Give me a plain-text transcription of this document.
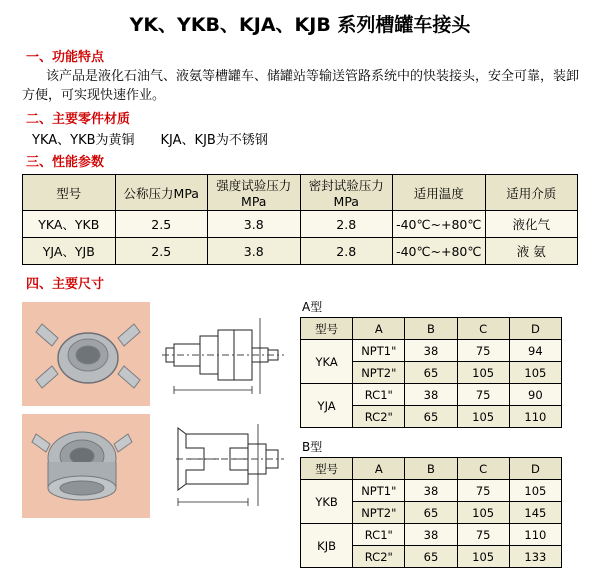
YK、YKB、KJA、KJB 系列槽罐车接头
一、功能特点
该产品是液化石油气、液氨等槽罐车、储罐站等输送管路系统中的快装接头，安全可靠，装卸方便，可实现快速作业。
二、主要零件材质
YKA、YKB为黄铜 KJA、KJB为不锈钢
三、性能参数
型号	公称压力MPa	强度试验压力MPa	密封试验压力MPa	适用温度	适用介质
YKA、YKB	2.5	3.8	2.8	-40℃~+80℃	液化气
YJA、YJB	2.5	3.8	2.8	-40℃~+80℃	液 氨
四、主要尺寸
A型
型号	A	B	C	D
YKA	NPT1"	38	75	94
	NPT2"	65	105	105
YJA	RC1"	38	75	90
	RC2"	65	105	110
B型
型号	A	B	C	D
YKB	NPT1"	38	75	105
	NPT2"	65	105	145
KJB	RC1"	38	75	110
	RC2"	65	105	133
